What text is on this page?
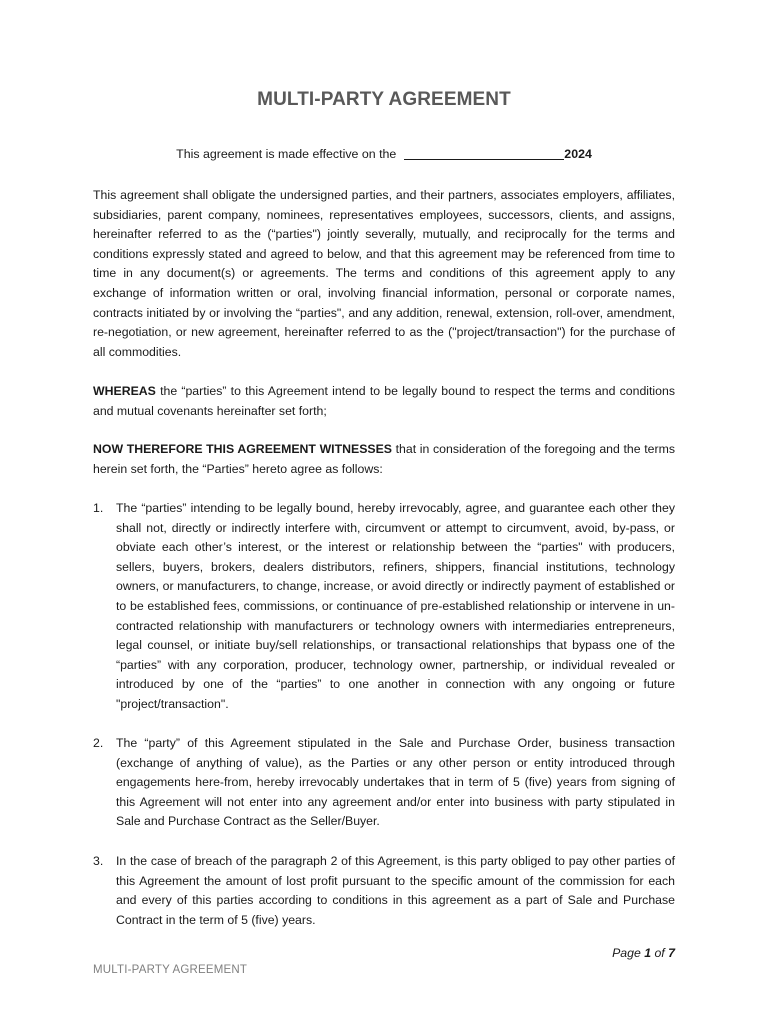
MULTI-PARTY AGREEMENT
This agreement is made effective on the	2024
This agreement shall obligate the undersigned parties, and their partners, associates employers, affiliates, subsidiaries, parent company, nominees, representatives employees, successors, clients, and assigns, hereinafter referred to as the (“parties") jointly severally, mutually, and reciprocally for the terms and conditions expressly stated and agreed to below, and that this agreement may be referenced from time to time in any document(s) or agreements. The terms and conditions of this agreement apply to any exchange of information written or oral, involving financial information, personal or corporate names, contracts initiated by or involving the “parties", and any addition, renewal, extension, roll-over, amendment, re-negotiation, or new agreement, hereinafter referred to as the ("project/transaction") for the purchase of all commodities.
WHEREAS the “parties” to this Agreement intend to be legally bound to respect the terms and conditions and mutual covenants hereinafter set forth;
NOW THEREFORE THIS AGREEMENT WITNESSES that in consideration of the foregoing and the terms herein set forth, the “Parties” hereto agree as follows:
1.	The “parties” intending to be legally bound, hereby irrevocably, agree, and guarantee each other they shall not, directly or indirectly interfere with, circumvent or attempt to circumvent, avoid, by-pass, or obviate each other’s interest, or the interest or relationship between the “parties" with producers, sellers, buyers, brokers, dealers distributors, refiners, shippers, financial institutions, technology owners, or manufacturers, to change, increase, or avoid directly or indirectly payment of established or to be established fees, commissions, or continuance of pre-established relationship or intervene in un-contracted relationship with manufacturers or technology owners with intermediaries entrepreneurs, legal counsel, or initiate buy/sell relationships, or transactional relationships that bypass one of the “parties” with any corporation, producer, technology owner, partnership, or individual revealed or introduced by one of the “parties” to one another in connection with any ongoing or future "project/transaction".
2.	The “party” of this Agreement stipulated in the Sale and Purchase Order, business transaction (exchange of anything of value), as the Parties or any other person or entity introduced through engagements here-from, hereby irrevocably undertakes that in term of 5 (five) years from signing of this Agreement will not enter into any agreement and/or enter into business with party stipulated in Sale and Purchase Contract as the Seller/Buyer.
3.	In the case of breach of the paragraph 2 of this Agreement, is this party obliged to pay other parties of this Agreement the amount of lost profit pursuant to the specific amount of the commission for each and every of this parties according to conditions in this agreement as a part of Sale and Purchase Contract in the term of 5 (five) years.
Page 1 of 7
MULTI-PARTY AGREEMENT
